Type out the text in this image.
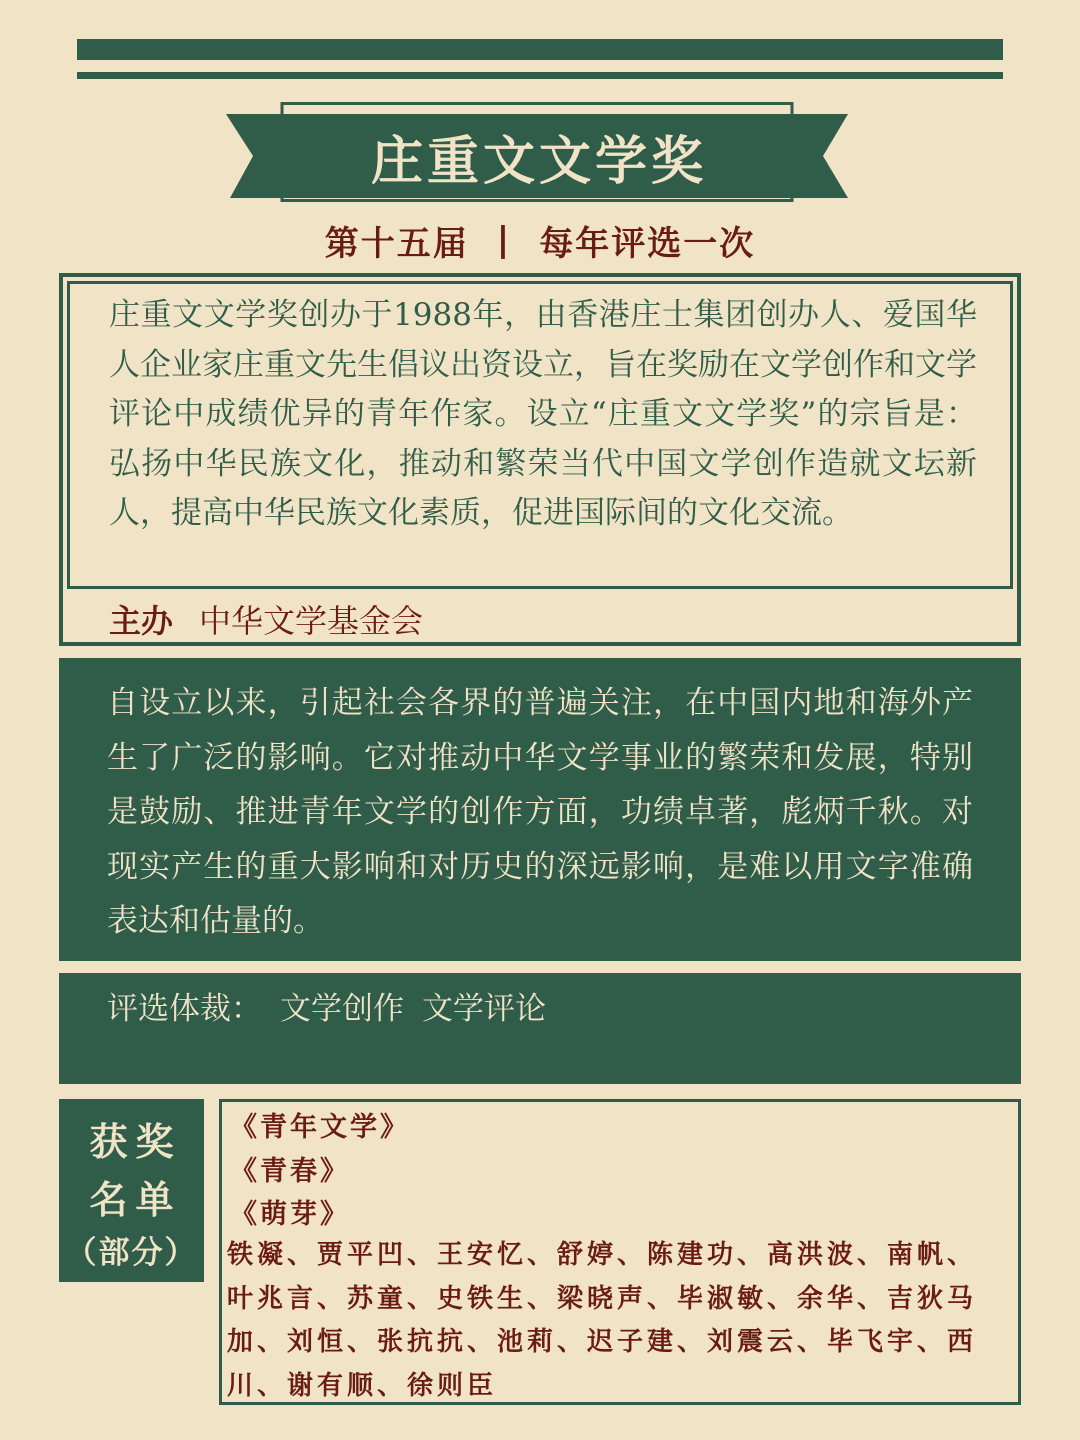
庄重文文学奖
第十五届 | 每年评选一次

庄重文文学奖创办于1988年，由香港庄士集团创办人、爱国华人企业家庄重文先生倡议出资设立，旨在奖励在文学创作和文学评论中成绩优异的青年作家。设立“庄重文文学奖”的宗旨是：弘扬中华民族文化，推动和繁荣当代中国文学创作造就文坛新人，提高中华民族文化素质，促进国际间的文化交流。

主办 中华文学基金会

自设立以来，引起社会各界的普遍关注，在中国内地和海外产生了广泛的影响。它对推动中华文学事业的繁荣和发展，特别是鼓励、推进青年文学的创作方面，功绩卓著，彪炳千秋。对现实产生的重大影响和对历史的深远影响，是难以用文字准确表达和估量的。

评选体裁： 文学创作 文学评论
获奖
名单
（部分）
《青年文学》
《青春》
《萌芽》

铁凝、贾平凹、王安忆、舒婷、陈建功、高洪波、南帆、叶兆言、苏童、史铁生、梁晓声、毕淑敏、余华、吉狄马加、刘恒、张抗抗、池莉、迟子建、刘震云、毕飞宇、西川、谢有顺、徐则臣
